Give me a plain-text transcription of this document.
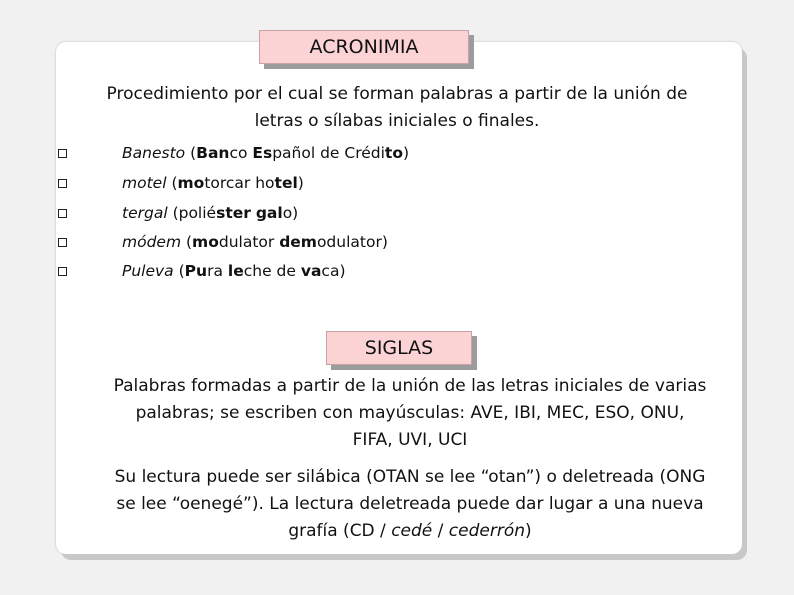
ACRONIMIA
Procedimiento por el cual se forman palabras a partir de la unión de
letras o sílabas iniciales o finales.
Banesto (Banco Español de Crédito)
motel (motorcar hotel)
tergal (poliéster galo)
módem (modulator demodulator)
Puleva (Pura leche de vaca)
SIGLAS
Palabras formadas a partir de la unión de las letras iniciales de varias
palabras; se escriben con mayúsculas: AVE, IBI, MEC, ESO, ONU,
FIFA, UVI, UCI
Su lectura puede ser silábica (OTAN se lee “otan”) o deletreada (ONG
se lee “oenegé”). La lectura deletreada puede dar lugar a una nueva
grafía (CD / cedé / cederrón)
